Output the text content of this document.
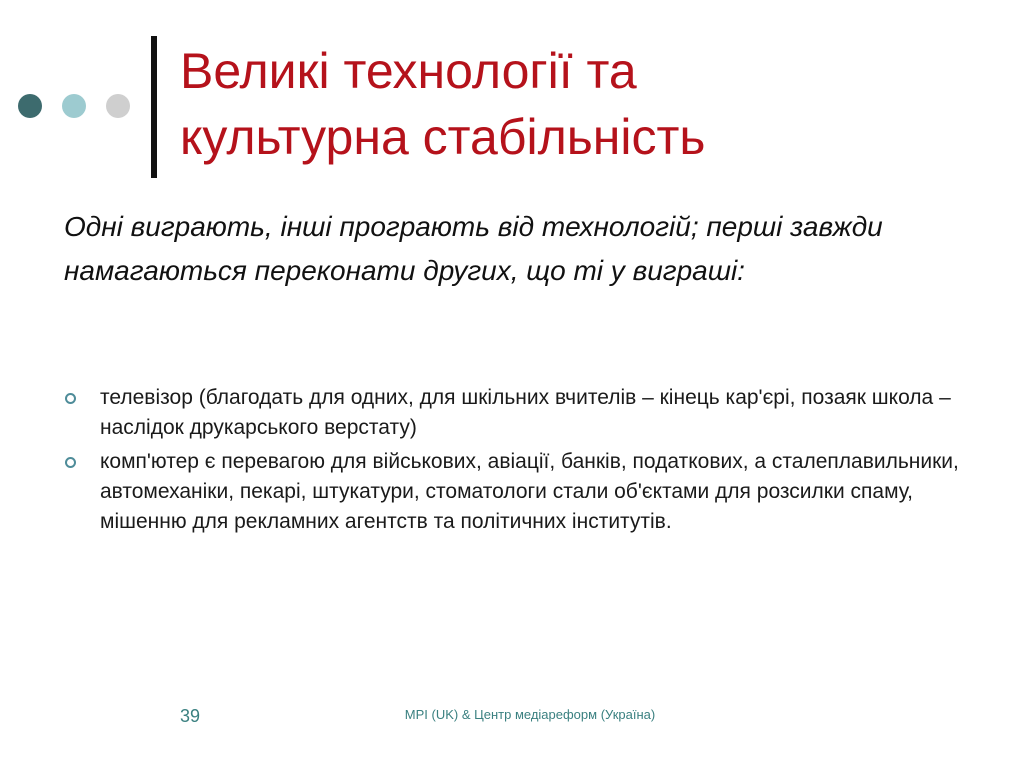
Великі технології та
культурна стабільність
Одні виграють, інші програють від технологій; перші завжди намагаються переконати других, що ті у виграші:
телевізор (благодать для одних, для шкільних вчителів – кінець кар'єрі, позаяк школа – наслідок друкарського верстату)
комп'ютер є перевагою для військових, авіації, банків, податкових, а сталеплавильники, автомеханіки, пекарі, штукатури, стоматологи стали об'єктами для розсилки спаму, мішенню для рекламних агентств та політичних інститутів.
39	MPI (UK) & Центр медіареформ (Україна)
